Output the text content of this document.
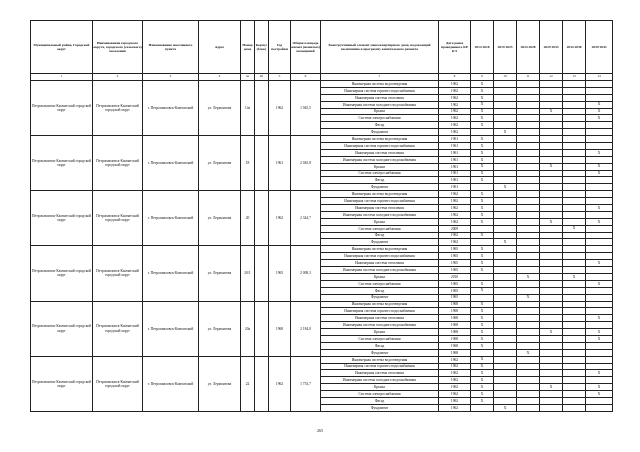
Муниципальный район, Городской округ	Наименование городского округа, городского (сельского) поселения	Наименование населенного пункта	Адрес	Номер дома	Корпус (блок)	Год постройки	Общая площадь жилых (нежилых) помещений	Конструктивный элемент многоквартирного дома, подлежащий включению в программу капитального ремонта	Дата ранее проведенного КР КЭ	2014 2018	2019 2023	2024 2028	2029 2033	2034 2038	2039 2043
1	2	3	4	4а	4б	5	6	7	8	9	10	11	12	13	14
Петропавловск-Камчатский городской округ	Петропавловск-Камчатский городской округ	г. Петропавловск-Камчатский	ул. Лермонтова	14а		1962	1 945,5	Инженерная система водоотведения	1962	X					
								Инженерная система горячего водоснабжения	1962	X					
								Инженерная система отопления	1962	X					
								Инженерная система холодного водоснабжения	1962	X					X
								Крыша	1962	X			X		X
								Система электроснабжения	1962	X					X
								Фасад	1962	X					
								Фундамент	1962		X				
Петропавловск-Камчатский городской округ	Петропавловск-Камчатский городской округ	г. Петропавловск-Камчатский	ул. Лермонтова	18		1961	2 045,8	Инженерная система водоотведения	1961	X					
								Инженерная система горячего водоснабжения	1961	X					
								Инженерная система отопления	1961	X					X
								Инженерная система холодного водоснабжения	1961	X					
								Крыша	1961	X			X		X
								Система электроснабжения	1961	X					X
								Фасад	1961	X					
								Фундамент	1961		X				
Петропавловск-Камчатский городской округ	Петропавловск-Камчатский городской округ	г. Петропавловск-Камчатский	ул. Лермонтова	20		1962	2 344,7	Инженерная система водоотведения	1962	X					
								Инженерная система горячего водоснабжения	1962	X					
								Инженерная система отопления	1962	X					X
								Инженерная система холодного водоснабжения	1962	X					
								Крыша	1962	X			X		X
								Система электроснабжения	2009					X	
								Фасад	1962	X					
								Фундамент	1962		X				
Петропавловск-Камчатский городской округ	Петропавловск-Камчатский городской округ	г. Петропавловск-Камчатский	ул. Лермонтова	20/1		1965	2 008,3	Инженерная система водоотведения	1965	X					
								Инженерная система горячего водоснабжения	1965	X					
								Инженерная система отопления	1965	X					X
								Инженерная система холодного водоснабжения	1965	X					
								Крыша	2010			X		X	
								Система электроснабжения	1965	X					X
								Фасад	1965	X					
								Фундамент	1965			X			
Петропавловск-Камчатский городской округ	Петропавловск-Камчатский городской округ	г. Петропавловск-Камчатский	ул. Лермонтова	20а		1968	2 184,0	Инженерная система водоотведения	1968	X					
								Инженерная система горячего водоснабжения	1968	X					
								Инженерная система отопления	1968	X					X
								Инженерная система холодного водоснабжения	1968	X					
								Крыша	1968	X			X		X
								Система электроснабжения	1968	X					X
								Фасад	1968	X					
								Фундамент	1968			X			
Петропавловск-Камчатский городской округ	Петропавловск-Камчатский городской округ	г. Петропавловск-Камчатский	ул. Лермонтова	22		1962	1 753,7	Инженерная система водоотведения	1962	X					
								Инженерная система горячего водоснабжения	1962	X					
								Инженерная система отопления	1962	X					X
								Инженерная система холодного водоснабжения	1962	X					
								Крыша	1962	X			X		X
								Система электроснабжения	1962	X					X
								Фасад	1962	X					
								Фундамент	1962		X				
265
